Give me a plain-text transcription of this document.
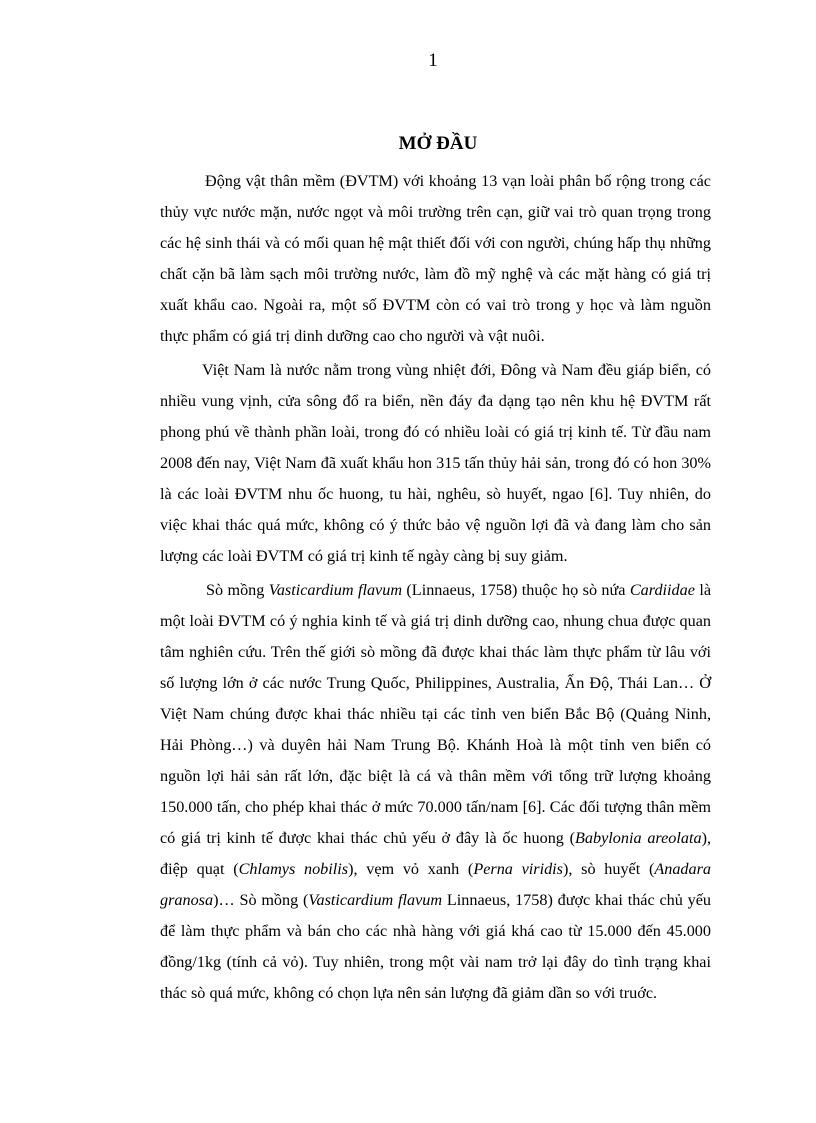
1
MỞ ĐẦU

Động vật thân mềm (ĐVTM) với khoảng 13 vạn loài phân bố rộng trong các thủy vực nước mặn, nước ngọt và môi trường trên cạn, giữ vai trò quan trọng trong các hệ sinh thái và có mối quan hệ mật thiết đối với con người, chúng hấp thụ những chất cặn bã làm sạch môi trường nước, làm đồ mỹ nghệ và các mặt hàng có giá trị xuất khẩu cao. Ngoài ra, một số ĐVTM còn có vai trò trong y học và làm nguồn thực phẩm có giá trị dinh dưỡng cao cho người và vật nuôi.

Việt Nam là nước nằm trong vùng nhiệt đới, Đông và Nam đều giáp biển, có nhiều vung vịnh, cửa sông đổ ra biển, nền đáy đa dạng tạo nên khu hệ ĐVTM rất phong phú về thành phần loài, trong đó có nhiều loài có giá trị kinh tế. Từ đầu nam 2008 đến nay, Việt Nam đã xuất khẩu hon 315 tấn thủy hải sản, trong đó có hon 30% là các loài ĐVTM nhu ốc huong, tu hài, nghêu, sò huyết, ngao [6]. Tuy nhiên, do việc khai thác quá mức, không có ý thức bảo vệ nguồn lợi đã và đang làm cho sản lượng các loài ĐVTM có giá trị kinh tế ngày càng bị suy giảm.

Sò mồng Vasticardium flavum (Linnaeus, 1758) thuộc họ sò nứa Cardiidae là một loài ĐVTM có ý nghia kinh tế và giá trị dinh dưỡng cao, nhung chua được quan tâm nghiên cứu. Trên thế giới sò mồng đã được khai thác làm thực phẩm từ lâu với số lượng lớn ở các nước Trung Quốc, Philippines, Australia, Ấn Độ, Thái Lan… Ở Việt Nam chúng được khai thác nhiều tại các tỉnh ven biển Bắc Bộ (Quảng Ninh, Hải Phòng…) và duyên hải Nam Trung Bộ. Khánh Hoà là một tỉnh ven biển có nguồn lợi hải sản rất lớn, đặc biệt là cá và thân mềm với tổng trữ lượng khoảng 150.000 tấn, cho phép khai thác ở mức 70.000 tấn/nam [6]. Các đối tượng thân mềm có giá trị kinh tế được khai thác chủ yếu ở đây là ốc huong (Babylonia areolata), điệp quạt (Chlamys nobilis), vẹm vỏ xanh (Perna viridis), sò huyết (Anadara granosa)… Sò mồng (Vasticardium flavum Linnaeus, 1758) được khai thác chủ yếu để làm thực phẩm và bán cho các nhà hàng với giá khá cao từ 15.000 đến 45.000 đồng/1kg (tính cả vỏ). Tuy nhiên, trong một vài nam trở lại đây do tình trạng khai thác sò quá mức, không có chọn lựa nên sản lượng đã giảm dần so với truớc.
